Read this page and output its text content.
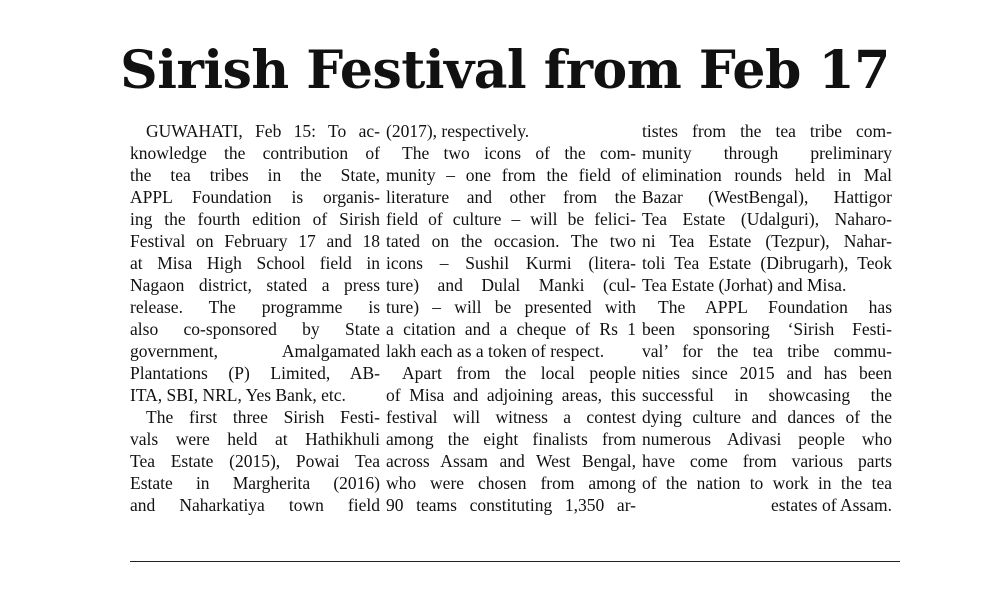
Sirish Festival from Feb 17
GUWAHATI, Feb 15: To ac-
knowledge the contribution of
the tea tribes in the State,
APPL Foundation is organis-
ing the fourth edition of Sirish
Festival on February 17 and 18
at Misa High School field in
Nagaon district, stated a press
release. The programme is
also co-sponsored by State
government, Amalgamated
Plantations (P) Limited, AB-
ITA, SBI, NRL, Yes Bank, etc.
The first three Sirish Festi-
vals were held at Hathikhuli
Tea Estate (2015), Powai Tea
Estate in Margherita (2016)
and Naharkatiya town field
(2017), respectively.
The two icons of the com-
munity – one from the field of
literature and other from the
field of culture – will be felici-
tated on the occasion. The two
icons – Sushil Kurmi (litera-
ture) and Dulal Manki (cul-
ture) – will be presented with
a citation and a cheque of Rs 1
lakh each as a token of respect.
Apart from the local people
of Misa and adjoining areas, this
festival will witness a contest
among the eight finalists from
across Assam and West Bengal,
who were chosen from among
90 teams constituting 1,350 ar-
tistes from the tea tribe com-
munity through preliminary
elimination rounds held in Mal
Bazar (WestBengal), Hattigor
Tea Estate (Udalguri), Naharo-
ni Tea Estate (Tezpur), Nahar-
toli Tea Estate (Dibrugarh), Teok
Tea Estate (Jorhat) and Misa.
The APPL Foundation has
been sponsoring ‘Sirish Festi-
val’ for the tea tribe commu-
nities since 2015 and has been
successful in showcasing the
dying culture and dances of the
numerous Adivasi people who
have come from various parts
of the nation to work in the tea
estates of Assam.
